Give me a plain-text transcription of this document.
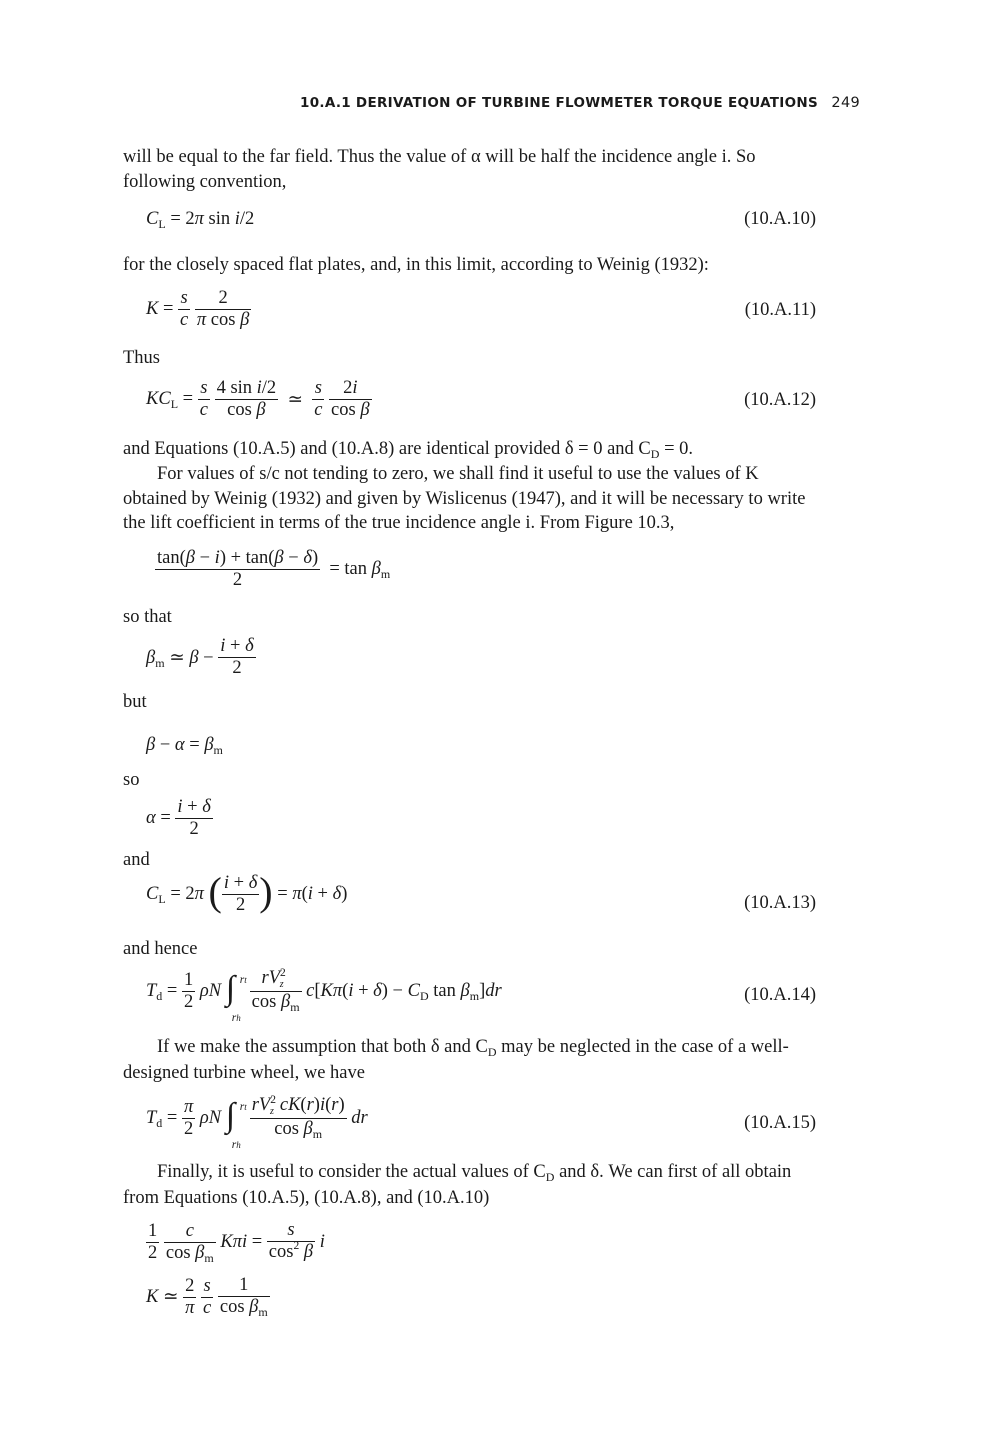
10.A.1 DERIVATION OF TURBINE FLOWMETER TORQUE EQUATIONS 249
will be equal to the far field. Thus the value of α will be half the incidence angle i. So following convention,
$C_L = 2\pi$ sin i/2	(10.A.10)
for the closely spaced flat plates, and, in this limit, according to Weinig (1932):
$K = \frac{s}{c}$
$\frac{2}{\text{π cos β}}$	(10.A.11)
Thus
$KC_L = \frac{s}{c}$
$\frac{\text{4 sin i/2}}{\text{cos β}}$ ≃ $\frac{s}{c}$
$\frac{2i}{\text{cos β}}$	(10.A.12)
and Equations (10.A.5) and (10.A.8) are identical provided δ = 0 and $C_D = 0$.
For values of s/c not tending to zero, we shall find it useful to use the values of K obtained by Weinig (1932) and given by Wislicenus (1947), and it will be necessary to write the lift coefficient in terms of the true incidence angle i. From Figure 10.3,
$\frac{\tan(\beta - i) + \tan(\beta - \delta)}{2} = \tan \beta_m$
so that
$\beta_m$ ≃ $\beta - \frac{i + \delta}{2}$
but
$\beta - \alpha = \beta_m$
so
$\alpha = \frac{i + \delta}{2}$
and
$C_L = 2\pi$ ( $\frac{i + \delta}{2}$ ) = π(i + δ)	(10.A.13)
and hence
$T_d = \frac{1}{2}$ ρN ∫ rt
rh

$\frac{rV^2_z}{\cos \beta_m} c[K\pi(i + \delta) - C_D$ $\tan \beta_m]dr$	(10.A.14)
If we make the assumption that both δ and $C_D$ may be neglected in the case of a well-designed turbine wheel, we have
$T_d = \frac{\pi}{2}$ ρN ∫ rt
rh

$\frac{rV^2_z cK(r)i(r)}{\cos \beta_m}$ dr	(10.A.15)
Finally, it is useful to consider the actual values of $C_D$ and δ. We can first of all obtain from Equations (10.A.5), (10.A.8), and (10.A.10)
$\frac{1}{2}$
$\frac{c}{\cos \beta_m}$ $K\pi i = \frac{s}{\cos^2 \beta}$ i
K ≃ $\frac{2}{\pi}$
$\frac{s}{c}$
$\frac{1}{\cos \beta_m}$
